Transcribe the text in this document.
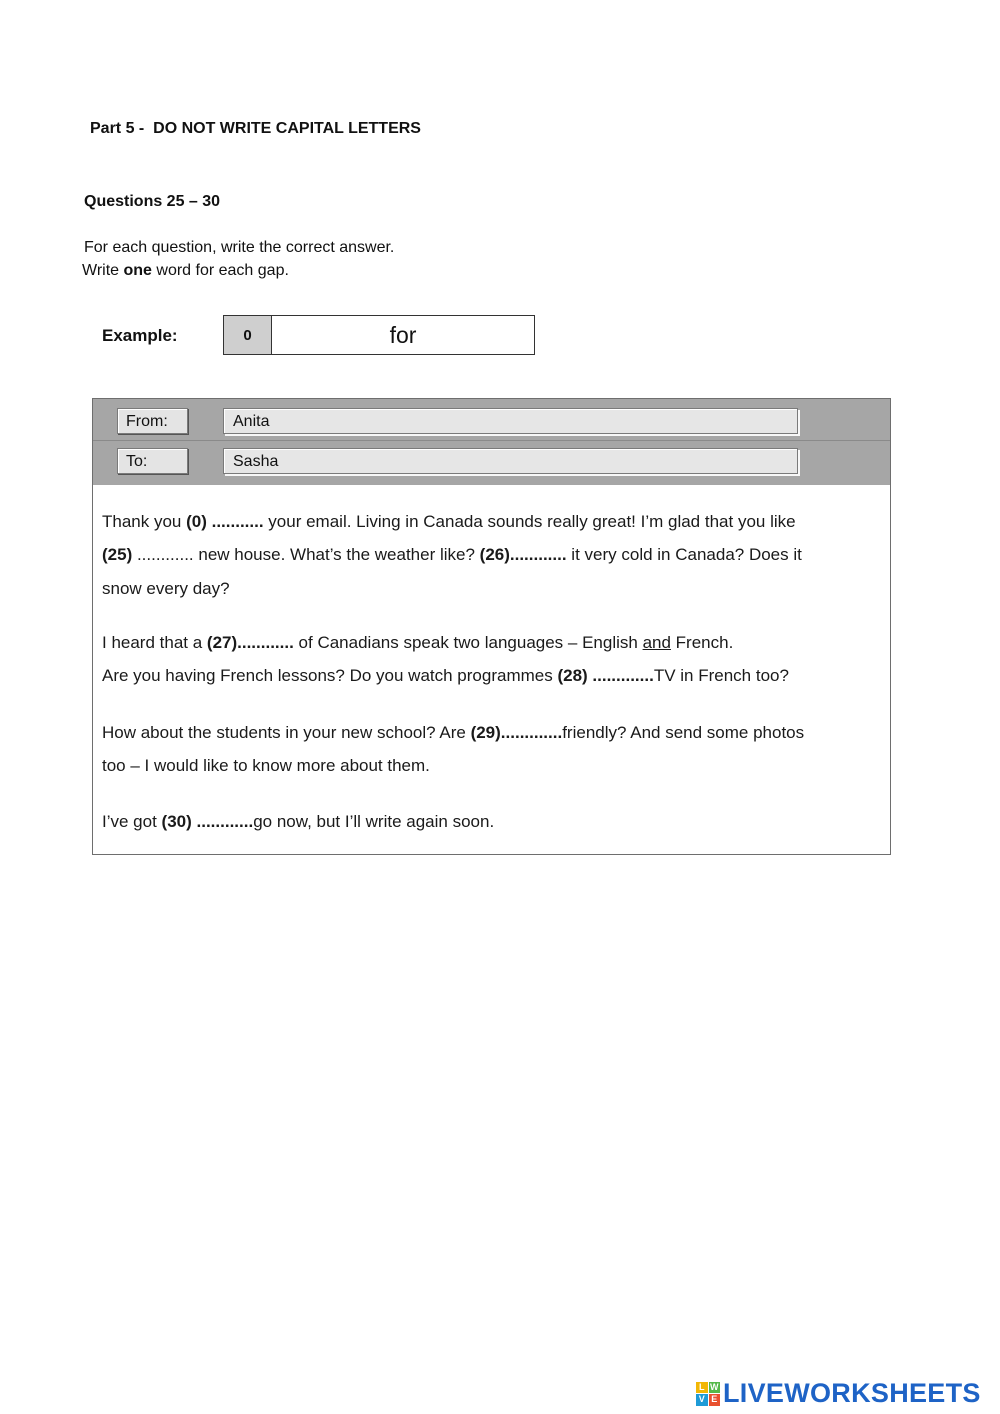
Part 5 -  DO NOT WRITE CAPITAL LETTERS
Questions 25 – 30
For each question, write the correct answer.
Write one word for each gap.
Example:	0	for
From:	Anita
To:	Sasha

Thank you (0) ........... your email. Living in Canada sounds really great! I’m glad that you like

(25) ............ new house. What’s the weather like? (26)............ it very cold in Canada? Does it

snow every day?

I heard that a (27)............ of Canadians speak two languages – English and French.

Are you having French lessons? Do you watch programmes (28) .............TV in French too?

How about the students in your new school? Are (29).............friendly? And send some photos

too – I would like to know more about them.

I’ve got (30) ............go now, but I’ll write again soon.

L W
V E LIVEWORKSHEETS
